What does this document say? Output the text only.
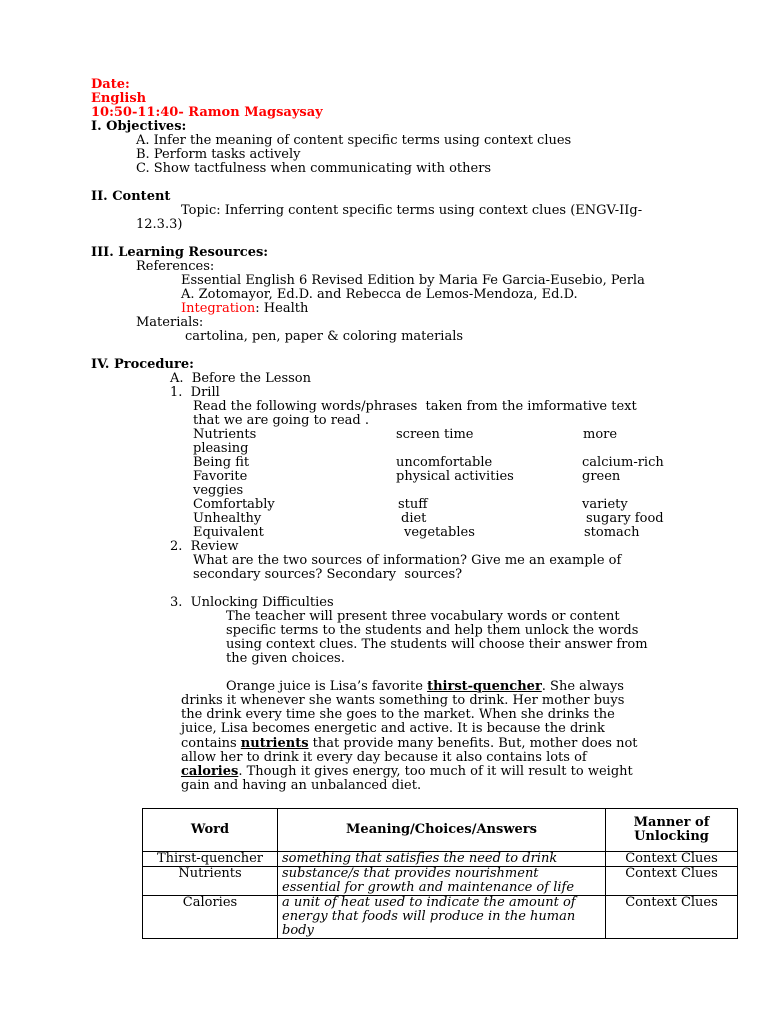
Date:
English
10:50-11:40- Ramon Magsaysay
I. Objectives:
A. Infer the meaning of content specific terms using context clues
B. Perform tasks actively
C. Show tactfulness when communicating with others
II. Content
Topic: Inferring content specific terms using context clues (ENGV-IIg-
12.3.3)
III. Learning Resources:
References:
Essential English 6 Revised Edition by Maria Fe Garcia-Eusebio, Perla
A. Zotomayor, Ed.D. and Rebecca de Lemos-Mendoza, Ed.D.
Integration: Health
Materials:
cartolina, pen, paper & coloring materials
IV. Procedure:
A.  Before the Lesson
1.  Drill
Read the following words/phrases  taken from the imformative text
that we are going to read .
Nutrients	screen time	more
pleasing
Being fit	uncomfortable	calcium-rich
Favorite	physical activities	green
veggies
Comfortably	stuff	variety
Unhealthy	diet	sugary food
Equivalent	vegetables	stomach
2.  Review
What are the two sources of information? Give me an example of
secondary sources? Secondary  sources?
3.  Unlocking Difficulties
The teacher will present three vocabulary words or content
specific terms to the students and help them unlock the words
using context clues. The students will choose their answer from
the given choices.
Orange juice is Lisa’s favorite thirst-quencher. She always
drinks it whenever she wants something to drink. Her mother buys
the drink every time she goes to the market. When she drinks the
juice, Lisa becomes energetic and active. It is because the drink
contains nutrients that provide many benefits. But, mother does not
allow her to drink it every day because it also contains lots of
calories. Though it gives energy, too much of it will result to weight
gain and having an unbalanced diet.
Word	Meaning/Choices/Answers	Manner of Unlocking
Thirst-quencher	something that satisfies the need to drink	Context Clues
Nutrients	substance/s that provides nourishment essential for growth and maintenance of life	Context Clues
Calories	a unit of heat used to indicate the amount of energy that foods will produce in the human body	Context Clues
